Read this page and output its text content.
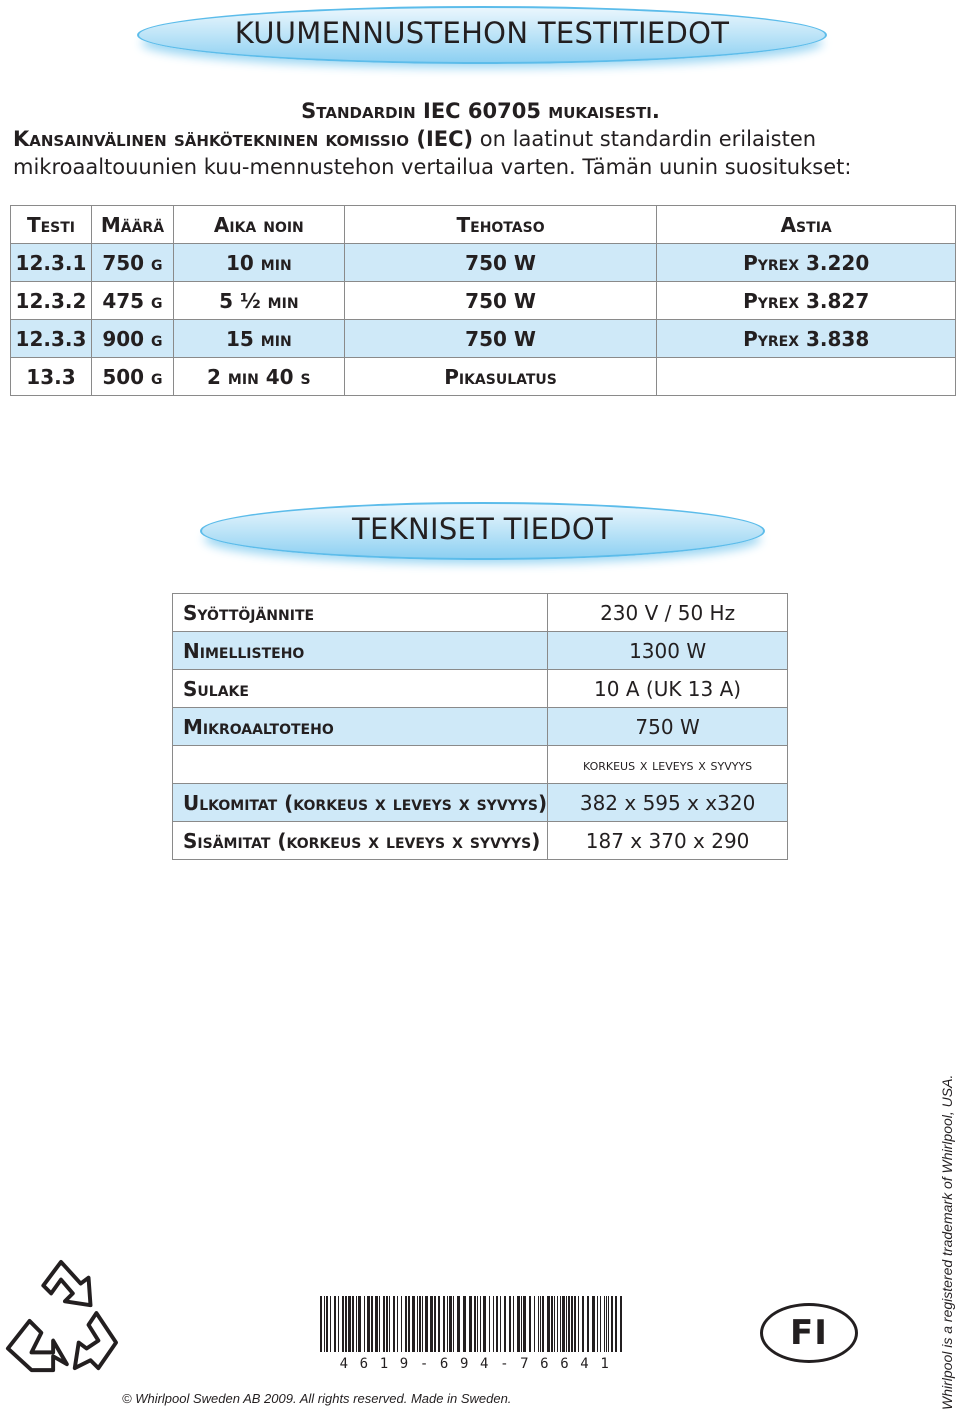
KUUMENNUSTEHON TESTITIEDOT
Standardin IEC 60705 mukaisesti.
Kansainvälinen sähkötekninen komissio (IEC) on laatinut standardin erilaisten mikroaaltouunien kuu-mennustehon vertailua varten. Tämän uunin suositukset:
Testi	Määrä	Aika noin	Tehotaso	Astia
12.3.1	750 g	10 min	750 W	Pyrex 3.220
12.3.2	475 g	5 ½ min	750 W	Pyrex 3.827
12.3.3	900 g	15 min	750 W	Pyrex 3.838
13.3	500 g	2 min 40 s	Pikasulatus	
TEKNISET TIEDOT
Syöttöjännite	230 V / 50 Hz
Nimellisteho	1300 W
Sulake	10 A (UK 13 A)
Mikroaaltoteho	750 W
	korkeus x leveys x syvyys
Ulkomitat (korkeus x leveys x syvyys)	382 x 595 x x320
Sisämitat (korkeus x leveys x syvyys)	187 x 370 x 290
4 6 1 9 - 6 9 4 - 7 6 6 4 1
© Whirlpool Sweden AB 2009. All rights reserved. Made in Sweden.
FI	Whirlpool is a registered trademark of Whirlpool, USA.
